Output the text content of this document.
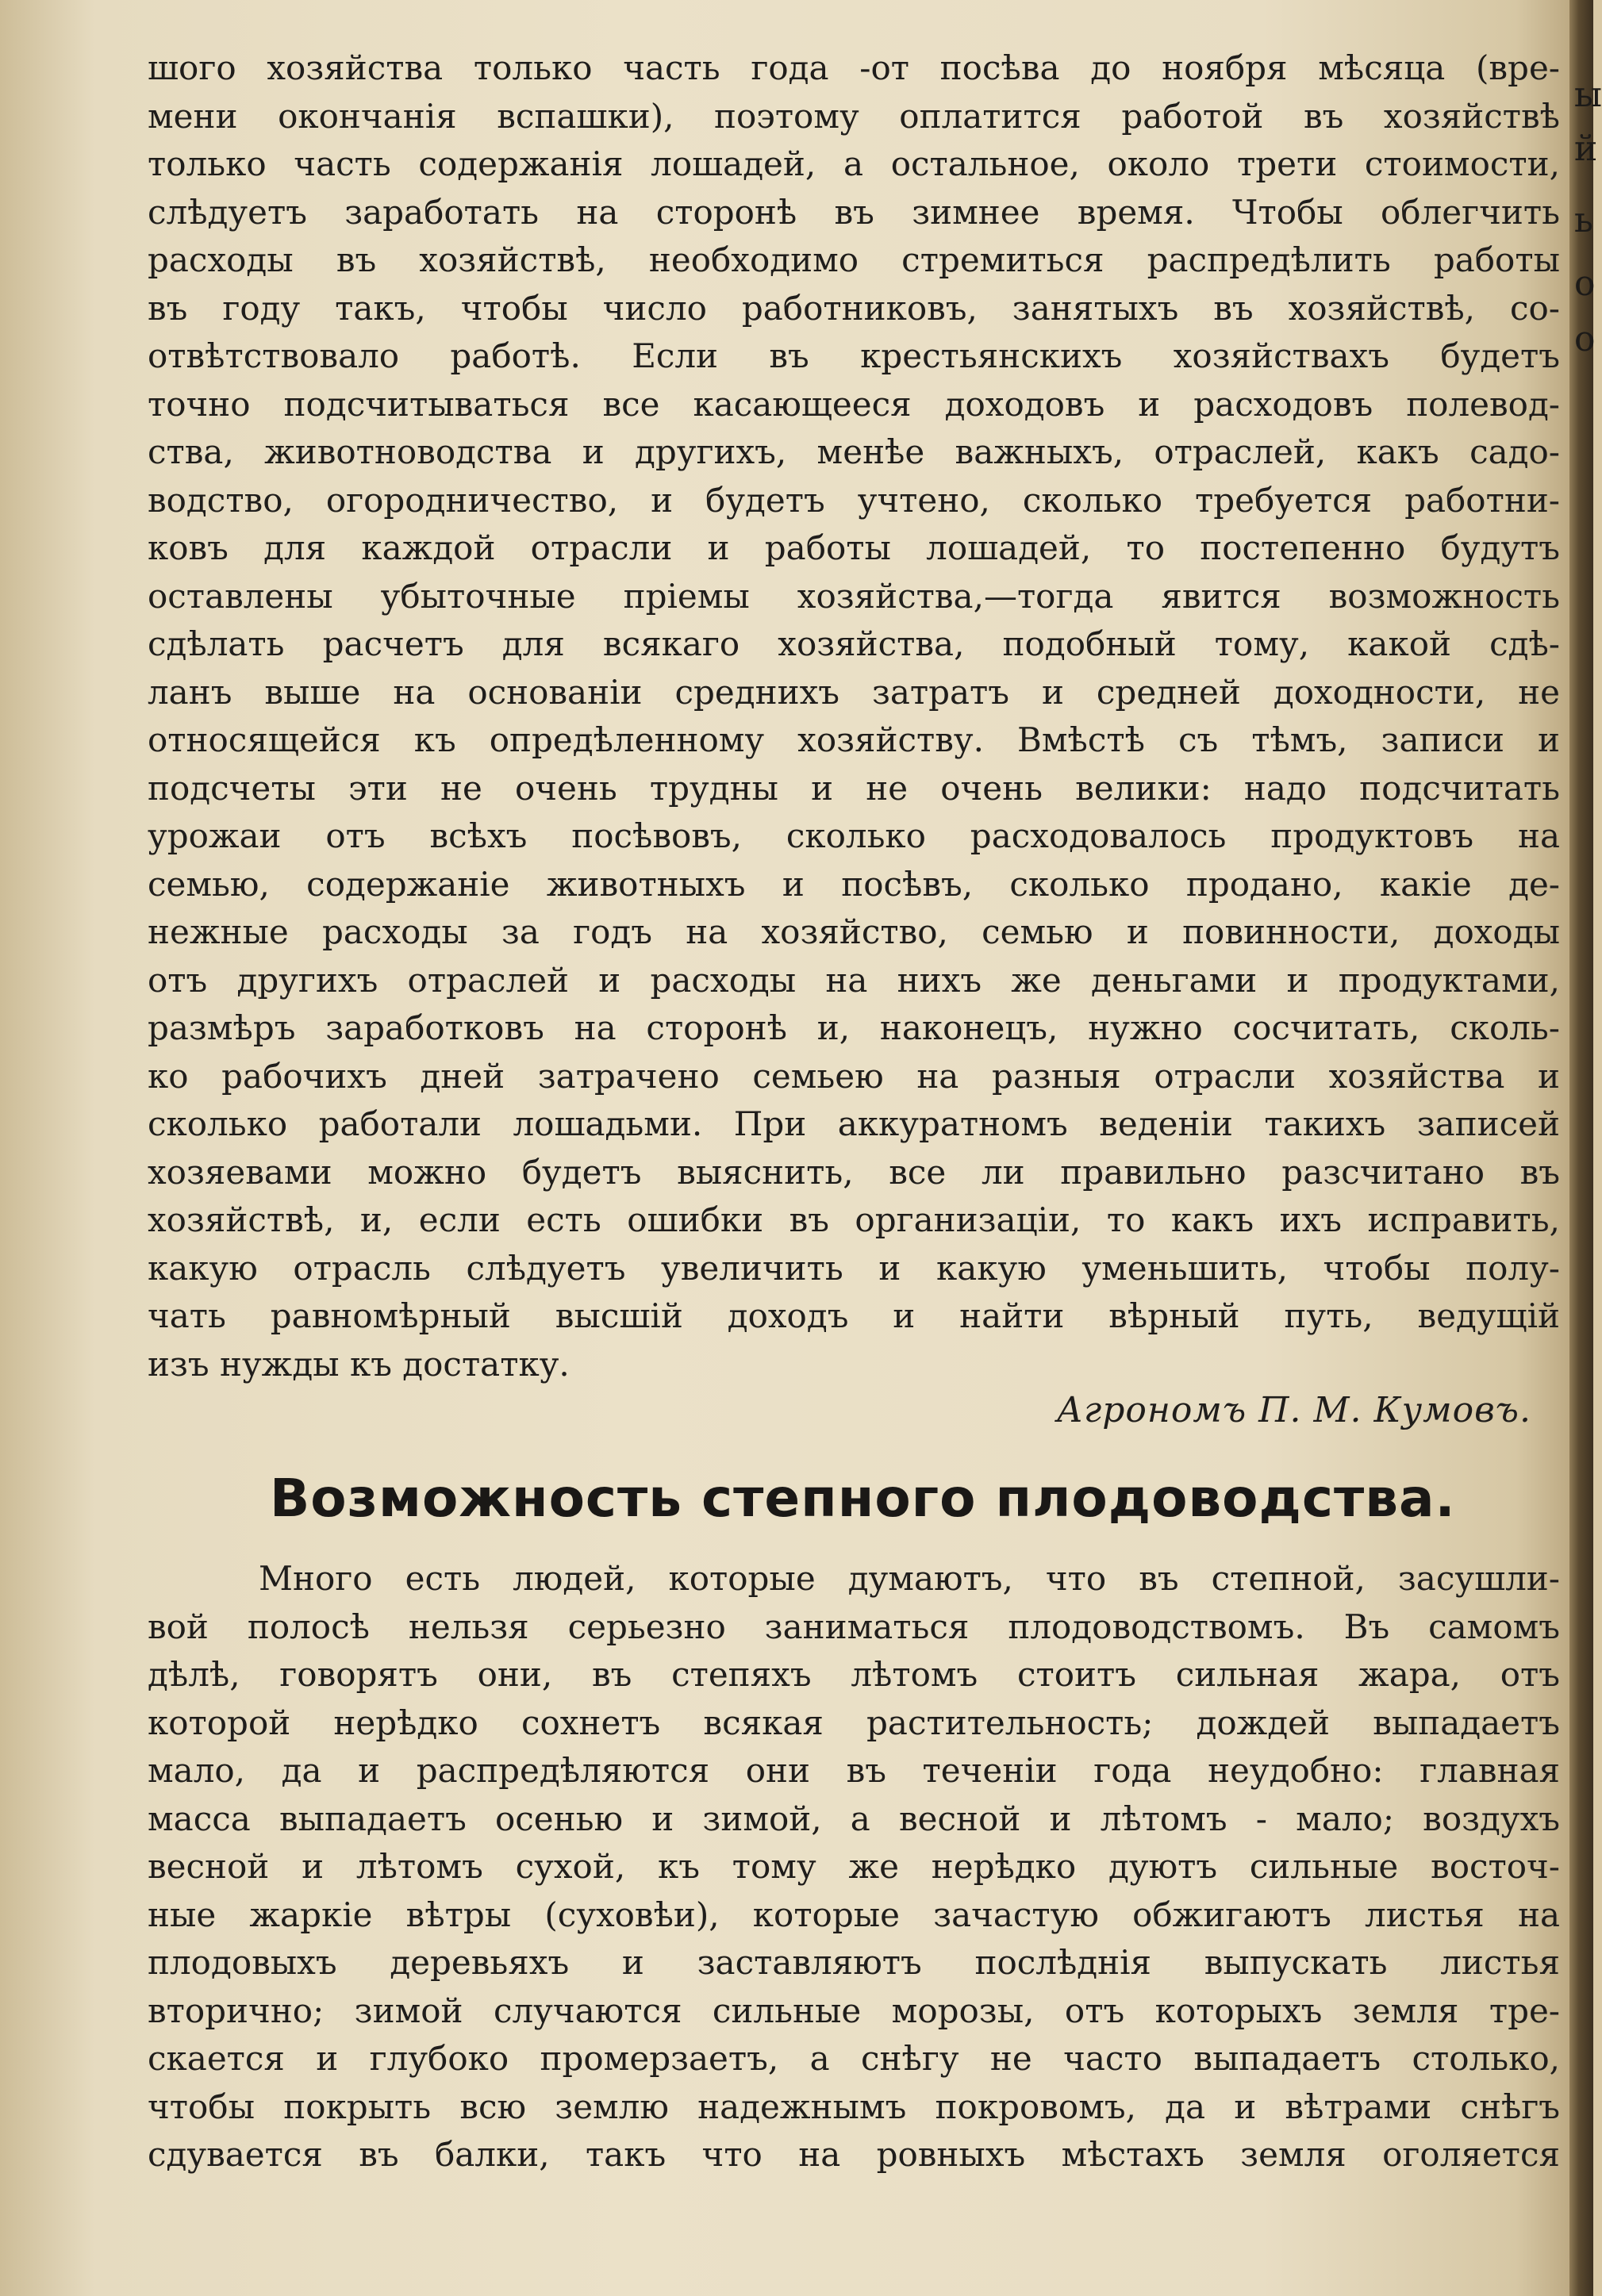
ы
й
ь
о
о
шого хозяйства только часть года -от посѣва до ноября мѣсяца (вре-
мени окончанія вспашки), поэтому оплатится работой въ хозяйствѣ
только часть содержанія лошадей, а остальное, около трети стоимости,
слѣдуетъ заработать на сторонѣ въ зимнее время. Чтобы облегчить
расходы въ хозяйствѣ, необходимо стремиться распредѣлить работы
въ году такъ, чтобы число работниковъ, занятыхъ въ хозяйствѣ, со-
отвѣтствовало работѣ. Если въ крестьянскихъ хозяйствахъ будетъ
точно подсчитываться все касающееся доходовъ и расходовъ полевод-
ства, животноводства и другихъ, менѣе важныхъ, отраслей, какъ садо-
водство, огородничество, и будетъ учтено, сколько требуется работни-
ковъ для каждой отрасли и работы лошадей, то постепенно будутъ
оставлены убыточные пріемы хозяйства,—тогда явится возможность
сдѣлать расчетъ для всякаго хозяйства, подобный тому, какой сдѣ-
ланъ выше на основаніи среднихъ затратъ и средней доходности, не
относящейся къ опредѣленному хозяйству. Вмѣстѣ съ тѣмъ, записи и
подсчеты эти не очень трудны и не очень велики: надо подсчитать
урожаи отъ всѣхъ посѣвовъ, сколько расходовалось продуктовъ на
семью, содержаніе животныхъ и посѣвъ, сколько продано, какіе де-
нежные расходы за годъ на хозяйство, семью и повинности, доходы
отъ другихъ отраслей и расходы на нихъ же деньгами и продуктами,
размѣръ заработковъ на сторонѣ и, наконецъ, нужно сосчитать, сколь-
ко рабочихъ дней затрачено семьею на разныя отрасли хозяйства и
сколько работали лошадьми. При аккуратномъ веденіи такихъ записей
хозяевами можно будетъ выяснить, все ли правильно разсчитано въ
хозяйствѣ, и, если есть ошибки въ организаціи, то какъ ихъ исправить,
какую отрасль слѣдуетъ увеличить и какую уменьшить, чтобы полу-
чать равномѣрный высшій доходъ и найти вѣрный путь, ведущій
изъ нужды къ достатку.
Агрономъ П. М. Кумовъ.
Возможность степного плодоводства.
Много есть людей, которые думаютъ, что въ степной, засушли-
вой полосѣ нельзя серьезно заниматься плодоводствомъ. Въ самомъ
дѣлѣ, говорятъ они, въ степяхъ лѣтомъ стоитъ сильная жара, отъ
которой нерѣдко сохнетъ всякая растительность; дождей выпадаетъ
мало, да и распредѣляются они въ теченіи года неудобно: главная
масса выпадаетъ осенью и зимой, а весной и лѣтомъ - мало; воздухъ
весной и лѣтомъ сухой, къ тому же нерѣдко дуютъ сильные восточ-
ные жаркіе вѣтры (суховѣи), которые зачастую обжигаютъ листья на
плодовыхъ деревьяхъ и заставляютъ послѣднія выпускать листья
вторично; зимой случаются сильные морозы, отъ которыхъ земля тре-
скается и глубоко промерзаетъ, а снѣгу не часто выпадаетъ столько,
чтобы покрыть всю землю надежнымъ покровомъ, да и вѣтрами снѣгъ
сдувается въ балки, такъ что на ровныхъ мѣстахъ земля оголяется
